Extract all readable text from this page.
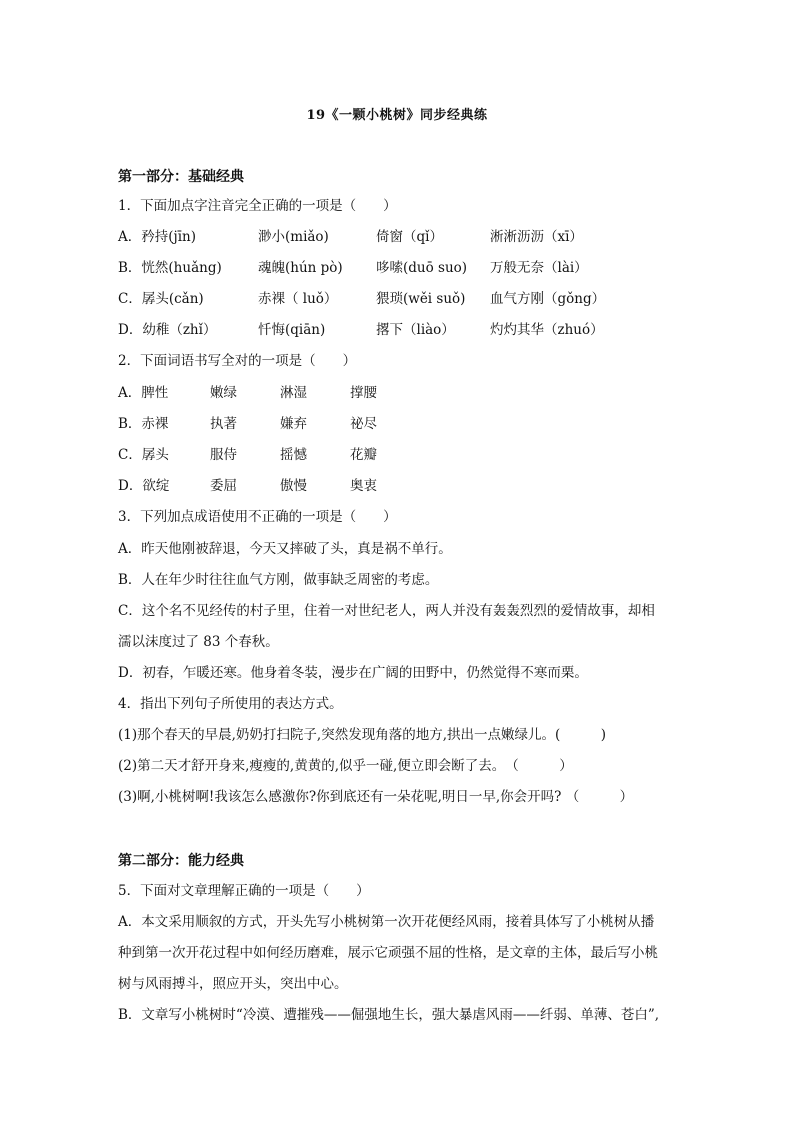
19《一颗小桃树》同步经典练
第一部分：基础经典
1．下面加点字注音完全正确的一项是（　　）
A．矜持(jīn)	渺小(miǎo)	倚窗（qǐ）	淅淅沥沥（xī）
B．恍然(huǎng)	魂魄(hún pò) 哆嗦(duō suo) 万般无奈（lài）
C．孱头(cǎn)	赤裸（ luǒ）	猥琐(wěi suǒ) 血气方刚（gǒng）
D．幼稚（zhǐ）	忏悔(qiān)	撂下（liào）	灼灼其华（zhuó）
2．下面词语书写全对的一项是（　　）
A．脾性	嫩绿	淋湿	撑腰
B．赤裸	执著	嫌弃	祕尽
C．孱头	服侍	摇憾	花瓣
D．欲绽	委屈	傲慢	奥衷
3．下列加点成语使用不正确的一项是（　　）
A．昨天他刚被辞退，今天又摔破了头，真是祸不单行。
B．人在年少时往往血气方刚，做事缺乏周密的考虑。
C．这个名不见经传的村子里，住着一对世纪老人，两人并没有轰轰烈烈的爱情故事，却相
濡以沫度过了 83 个春秋。
D．初春，乍暖还寒。他身着冬装，漫步在广阔的田野中，仍然觉得不寒而栗。
4．指出下列句子所使用的表达方式。
(1)那个春天的早晨,奶奶打扫院子,突然发现角落的地方,拱出一点嫩绿儿。(　　　)
(2)第二天才舒开身来,瘦瘦的,黄黄的,似乎一碰,便立即会断了去。　（　　　）
(3)啊,小桃树啊!我该怎么感激你?你到底还有一朵花呢,明日一早,你会开吗? （　　　）
第二部分：能力经典
5．下面对文章理解正确的一项是（　　）
A．本文采用顺叙的方式，开头先写小桃树第一次开花便经风雨，接着具体写了小桃树从播
种到第一次开花过程中如何经历磨难，展示它顽强不屈的性格，是文章的主体，最后写小桃
树与风雨搏斗，照应开头，突出中心。
B．文章写小桃树时“冷漠、遭摧残——倔强地生长，强大暴虐风雨——纤弱、单薄、苍白”,
